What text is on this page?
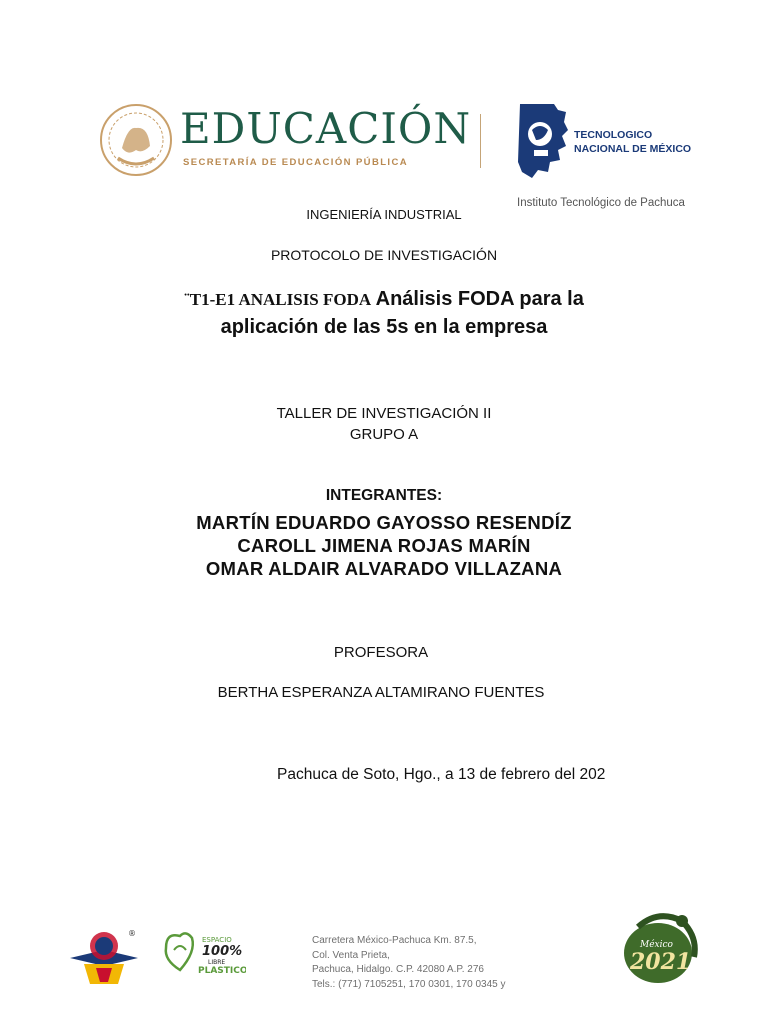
EDUCACIÓN
SECRETARÍA DE EDUCACIÓN PÚBLICA
TECNOLOGICO
NACIONAL DE MÉXICO
Instituto Tecnológico de Pachuca
INGENIERÍA INDUSTRIAL
PROTOCOLO DE INVESTIGACIÓN
¨T1-E1 ANALISIS FODA Análisis FODA para la
aplicación de las 5s en la empresa
TALLER DE INVESTIGACIÓN II
GRUPO A
INTEGRANTES:
MARTÍN EDUARDO GAYOSSO RESENDÍZ
CAROLL JIMENA ROJAS MARÍN
OMAR ALDAIR ALVARADO VILLAZANA
PROFESORA
BERTHA ESPERANZA ALTAMIRANO FUENTES
Pachuca de Soto, Hgo., a 13 de febrero del 202
®
ESPACIO
100%
LIBRE
PLASTICO
Carretera México-Pachuca Km. 87.5,
Col. Venta Prieta,
Pachuca, Hidalgo. C.P. 42080 A.P. 276
Tels.: (771) 7105251, 170 0301, 170 0345 y
México
2021
